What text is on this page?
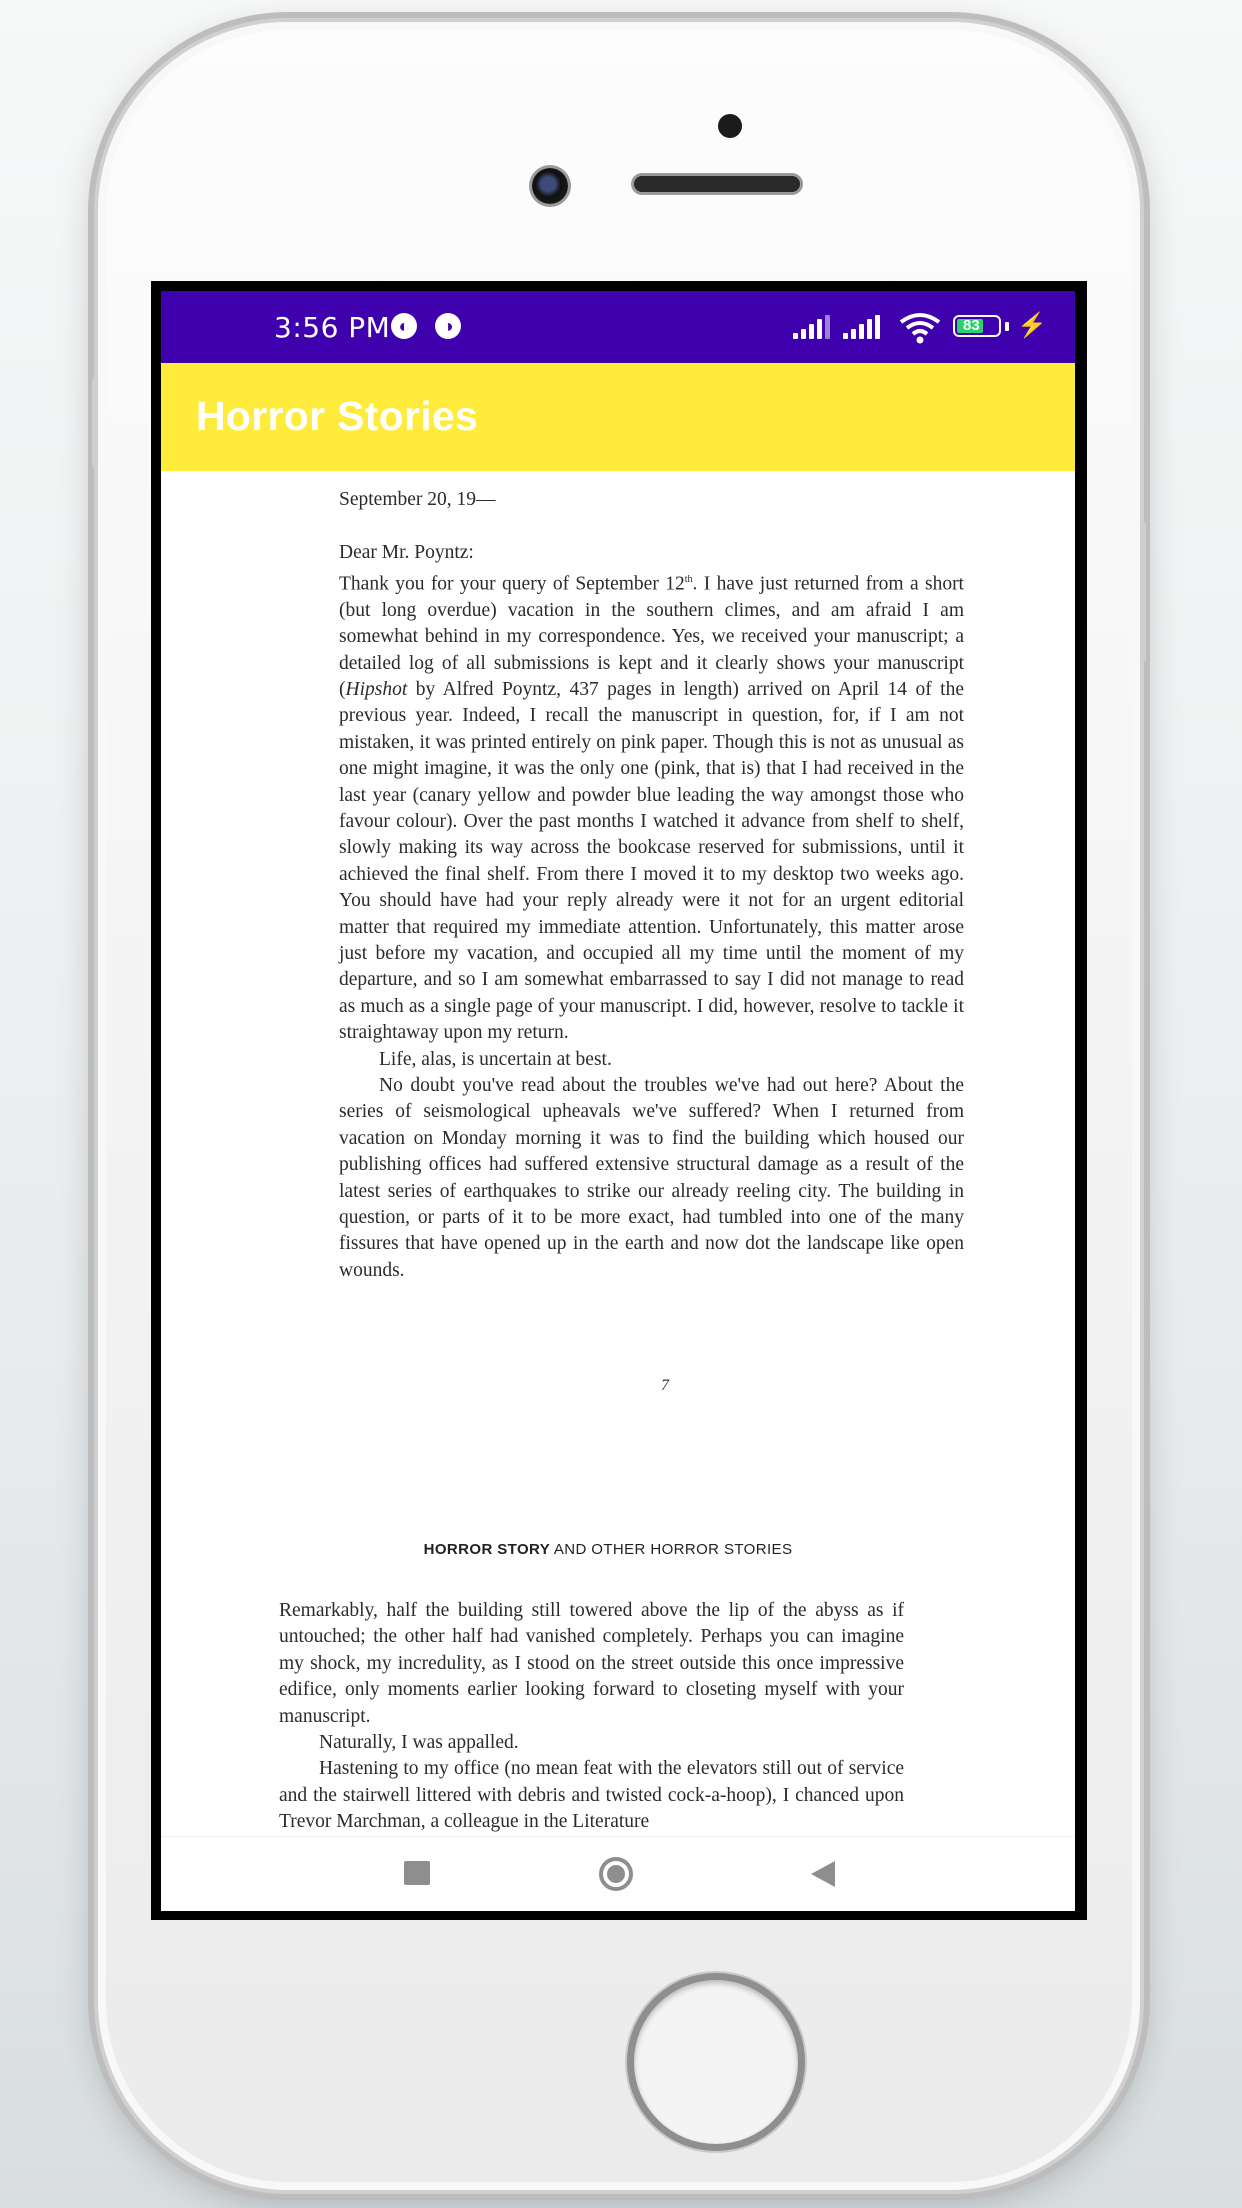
3:56 PM ◐	◑	83 ⚡
Horror Stories
September 20, 19—
Dear Mr. Poyntz:

Thank you for your query of September 12th. I have just returned from a short (but long overdue) vacation in the southern climes, and am afraid I am somewhat behind in my correspondence. Yes, we received your manuscript; a detailed log of all submissions is kept and it clearly shows your manuscript (Hipshot by Alfred Poyntz, 437 pages in length) arrived on April 14 of the previous year. Indeed, I recall the manuscript in question, for, if I am not mistaken, it was printed entirely on pink paper. Though this is not as unusual as one might imagine, it was the only one (pink, that is) that I had received in the last year (canary yellow and powder blue leading the way amongst those who favour colour). Over the past months I watched it advance from shelf to shelf, slowly making its way across the bookcase reserved for submissions, until it achieved the final shelf. From there I moved it to my desktop two weeks ago. You should have had your reply already were it not for an urgent editorial matter that required my immediate attention. Unfortunately, this matter arose just before my vacation, and occupied all my time until the moment of my departure, and so I am somewhat embarrassed to say I did not manage to read as much as a single page of your manuscript. I did, however, resolve to tackle it straightaway upon my return.

Life, alas, is uncertain at best.

No doubt you've read about the troubles we've had out here? About the series of seismological upheavals we've suffered? When I returned from vacation on Monday morning it was to find the building which housed our publishing offices had suffered extensive structural damage as a result of the latest series of earthquakes to strike our already reeling city. The building in question, or parts of it to be more exact, had tumbled into one of the many fissures that have opened up in the earth and now dot the landscape like open wounds.

7
HORROR STORY AND OTHER HORROR STORIES

Remarkably, half the building still towered above the lip of the abyss as if untouched; the other half had vanished completely. Perhaps you can imagine my shock, my incredulity, as I stood on the street outside this once impressive edifice, only moments earlier looking forward to closeting myself with your manuscript.

Naturally, I was appalled.

Hastening to my office (no mean feat with the elevators still out of service and the stairwell littered with debris and twisted cock-a-hoop), I chanced upon Trevor Marchman, a colleague in the Literature
